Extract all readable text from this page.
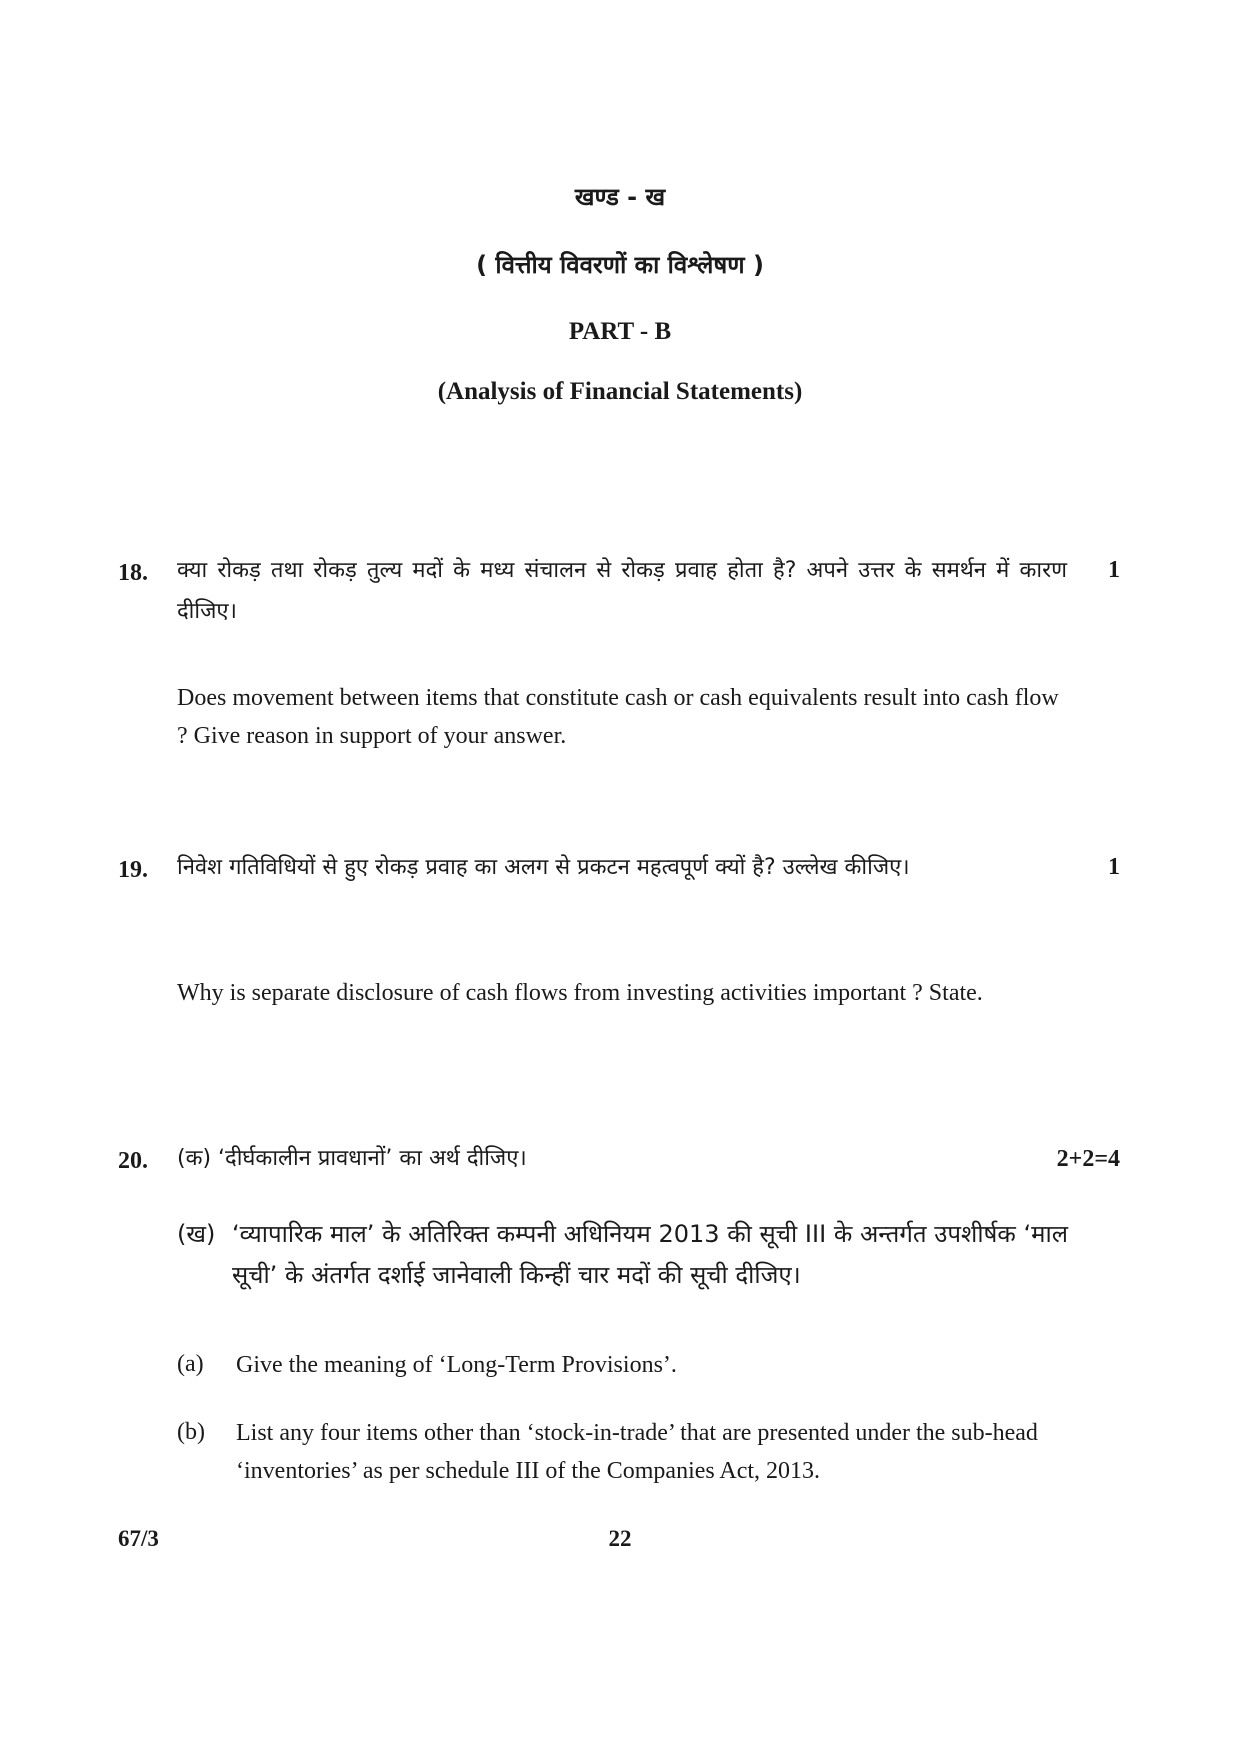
खण्ड - ख
( वित्तीय विवरणों का विश्लेषण )
PART - B
(Analysis of Financial Statements)
18.	1
क्या रोकड़ तथा रोकड़ तुल्य मदों के मध्य संचालन से रोकड़ प्रवाह होता है? अपने उत्तर के समर्थन में कारण दीजिए।
Does movement between items that constitute cash or cash equivalents result into cash flow ? Give reason in support of your answer.
19.	1
निवेश गतिविधियों से हुए रोकड़ प्रवाह का अलग से प्रकटन महत्वपूर्ण क्यों है? उल्लेख कीजिए।
Why is separate disclosure of cash flows from investing activities important ? State.
20.	2+2=4
(क) ‘दीर्घकालीन प्रावधानों’ का अर्थ दीजिए।
(ख) ‘व्यापारिक माल’ के अतिरिक्त कम्पनी अधिनियम 2013 की सूची III के अन्तर्गत उपशीर्षक ‘माल सूची’ के अंतर्गत दर्शाई जानेवाली किन्हीं चार मदों की सूची दीजिए।
(a) Give the meaning of ‘Long-Term Provisions’.
(b) List any four items other than ‘stock-in-trade’ that are presented under the sub-head ‘inventories’ as per schedule III of the Companies Act, 2013.
67/3	22
